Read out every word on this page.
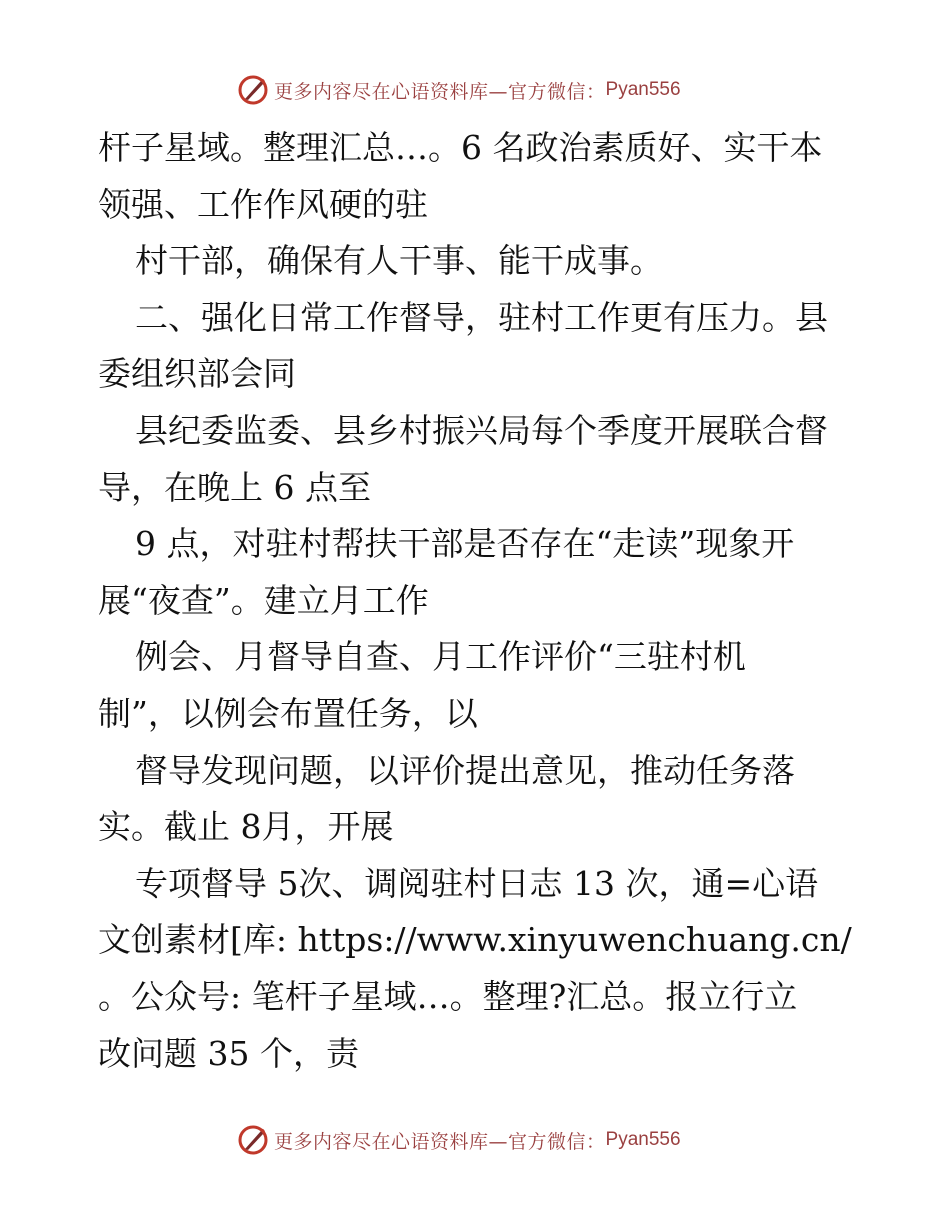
更多内容尽在心语资料库—官方微信： Pyan556
杆子星域。整理汇总…。6 名政治素质好、实干本
领强、工作作风硬的驻
村干部，确保有人干事、能干成事。
二、强化日常工作督导，驻村工作更有压力。县
委组织部会同
县纪委监委、县乡村振兴局每个季度开展联合督
导，在晚上 6 点至
9 点，对驻村帮扶干部是否存在“走读”现象开
展“夜查”。建立月工作
例会、月督导自查、月工作评价“三驻村机
制”，以例会布置任务，以
督导发现问题，以评价提出意见，推动任务落
实。截止 8月，开展
专项督导 5次、调阅驻村日志 13 次，通=心语
文创素材[库: https://www.xinyuwenchuang.cn/
。公众号: 笔杆子星域…。整理?汇总。报立行立
改问题 35 个，责
更多内容尽在心语资料库—官方微信： Pyan556
